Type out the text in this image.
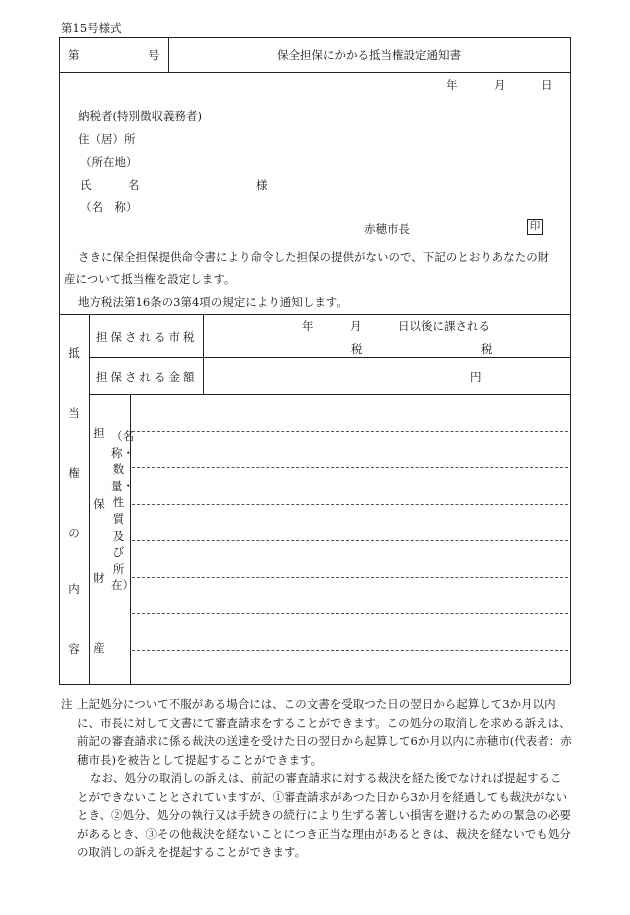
第15号様式
第	号	保全担保にかかる抵当権設定通知書
年	月	日
納税者(特別徴収義務者)
住（居）所
（所在地）
氏	名	様
（名　称）
赤穂市長	印
さきに保全担保提供命令書により命令した担保の提供がないので、下記のとおりあなたの財
産について抵当権を設定します。
地方税法第16条の3第4項の規定により通知します。
抵
当
権
の
内
容
担保される市税
年	月	日以後に課される
税	税
担保される金額	円
担
保
財
産
（名称・数量・性質及び所在）
注 上記処分について不服がある場合には、この文書を受取つた日の翌日から起算して3か月以内に、市長に対して文書にて審査請求をすることができます。この処分の取消しを求める訴えは、前記の審査請求に係る裁決の送達を受けた日の翌日から起算して6か月以内に赤穂市(代表者：赤穂市長)を被告として提起することができます。

なお、処分の取消しの訴えは、前記の審査請求に対する裁決を経た後でなければ提起することができないこととされていますが、①審査請求があつた日から3か月を経過しても裁決がないとき、②処分、処分の執行又は手続きの続行により生ずる著しい損害を避けるための緊急の必要があるとき、③その他裁決を経ないことにつき正当な理由があるときは、裁決を経ないでも処分の取消しの訴えを提起することができます。
